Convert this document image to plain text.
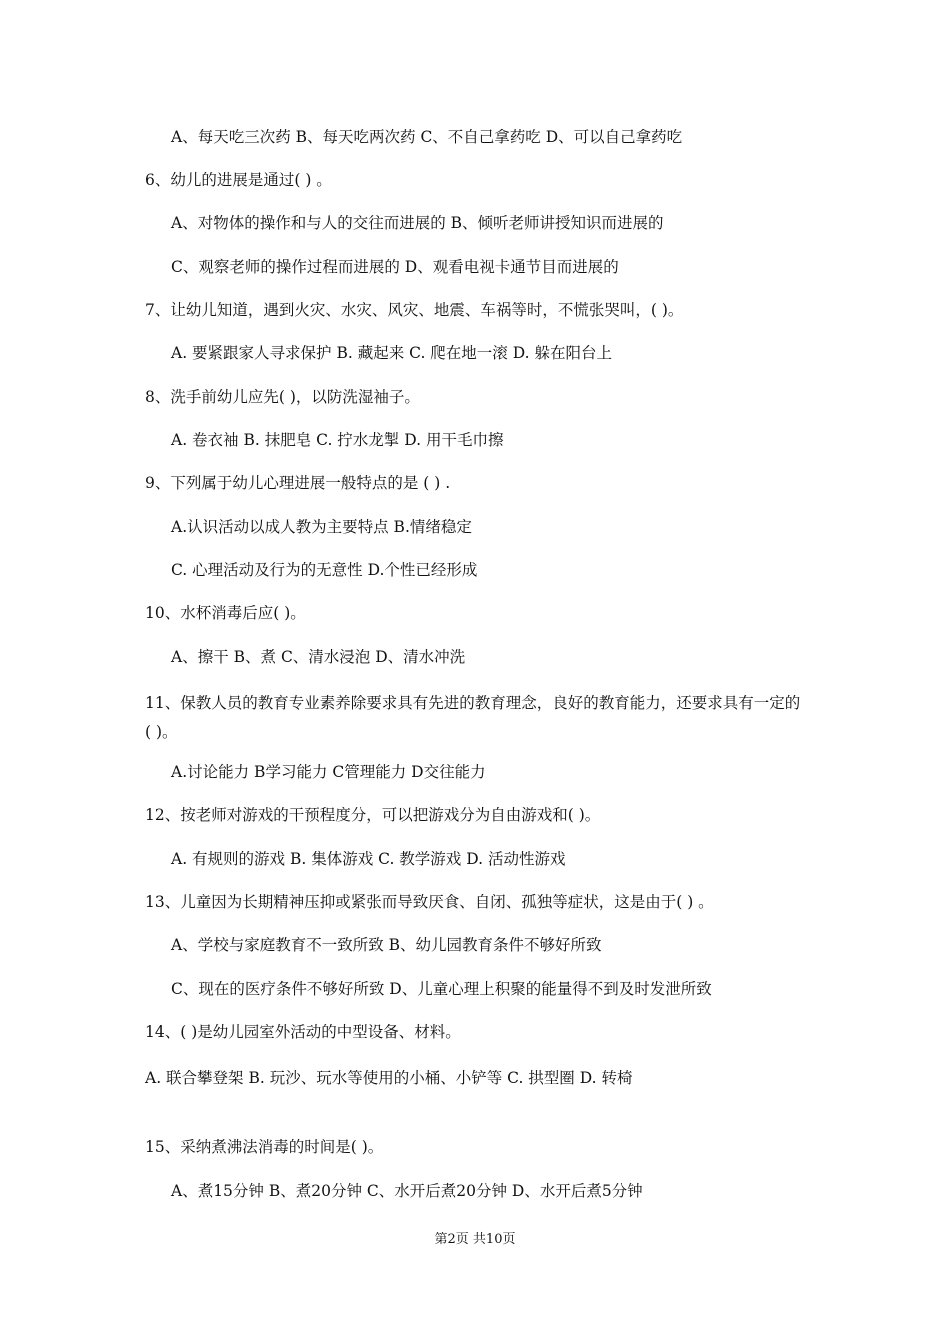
A、每天吃三次药 B、每天吃两次药 C、不自己拿药吃 D、可以自己拿药吃
6、幼儿的进展是通过( ) 。
A、对物体的操作和与人的交往而进展的 B、倾听老师讲授知识而进展的
C、观察老师的操作过程而进展的 D、观看电视卡通节目而进展的
7、让幼儿知道，遇到火灾、水灾、风灾、地震、车祸等时，不慌张哭叫，( )。
A. 要紧跟家人寻求保护 B. 藏起来 C. 爬在地一滚 D. 躲在阳台上
8、洗手前幼儿应先( )，以防洗湿袖子。
A. 卷衣袖 B. 抹肥皂 C. 拧水龙掣 D. 用干毛巾擦
9、下列属于幼儿心理进展一般特点的是 ( ) .
A.认识活动以成人教为主要特点 B.情绪稳定
C. 心理活动及行为的无意性 D.个性已经形成
10、水杯消毒后应( )。
A、擦干 B、煮 C、清水浸泡 D、清水冲洗
11、保教人员的教育专业素养除要求具有先进的教育理念，良好的教育能力，还要求具有一定的( )。
A.讨论能力 B学习能力 C管理能力 D交往能力
12、按老师对游戏的干预程度分，可以把游戏分为自由游戏和( )。
A. 有规则的游戏 B. 集体游戏 C. 教学游戏 D. 活动性游戏
13、儿童因为长期精神压抑或紧张而导致厌食、自闭、孤独等症状，这是由于( ) 。
A、学校与家庭教育不一致所致 B、幼儿园教育条件不够好所致
C、现在的医疗条件不够好所致 D、儿童心理上积聚的能量得不到及时发泄所致
14、( )是幼儿园室外活动的中型设备、材料。
A. 联合攀登架 B. 玩沙、玩水等使用的小桶、小铲等 C. 拱型圈 D. 转椅
15、采纳煮沸法消毒的时间是( )。
A、煮15分钟 B、煮20分钟 C、水开后煮20分钟 D、水开后煮5分钟
第2页 共10页
